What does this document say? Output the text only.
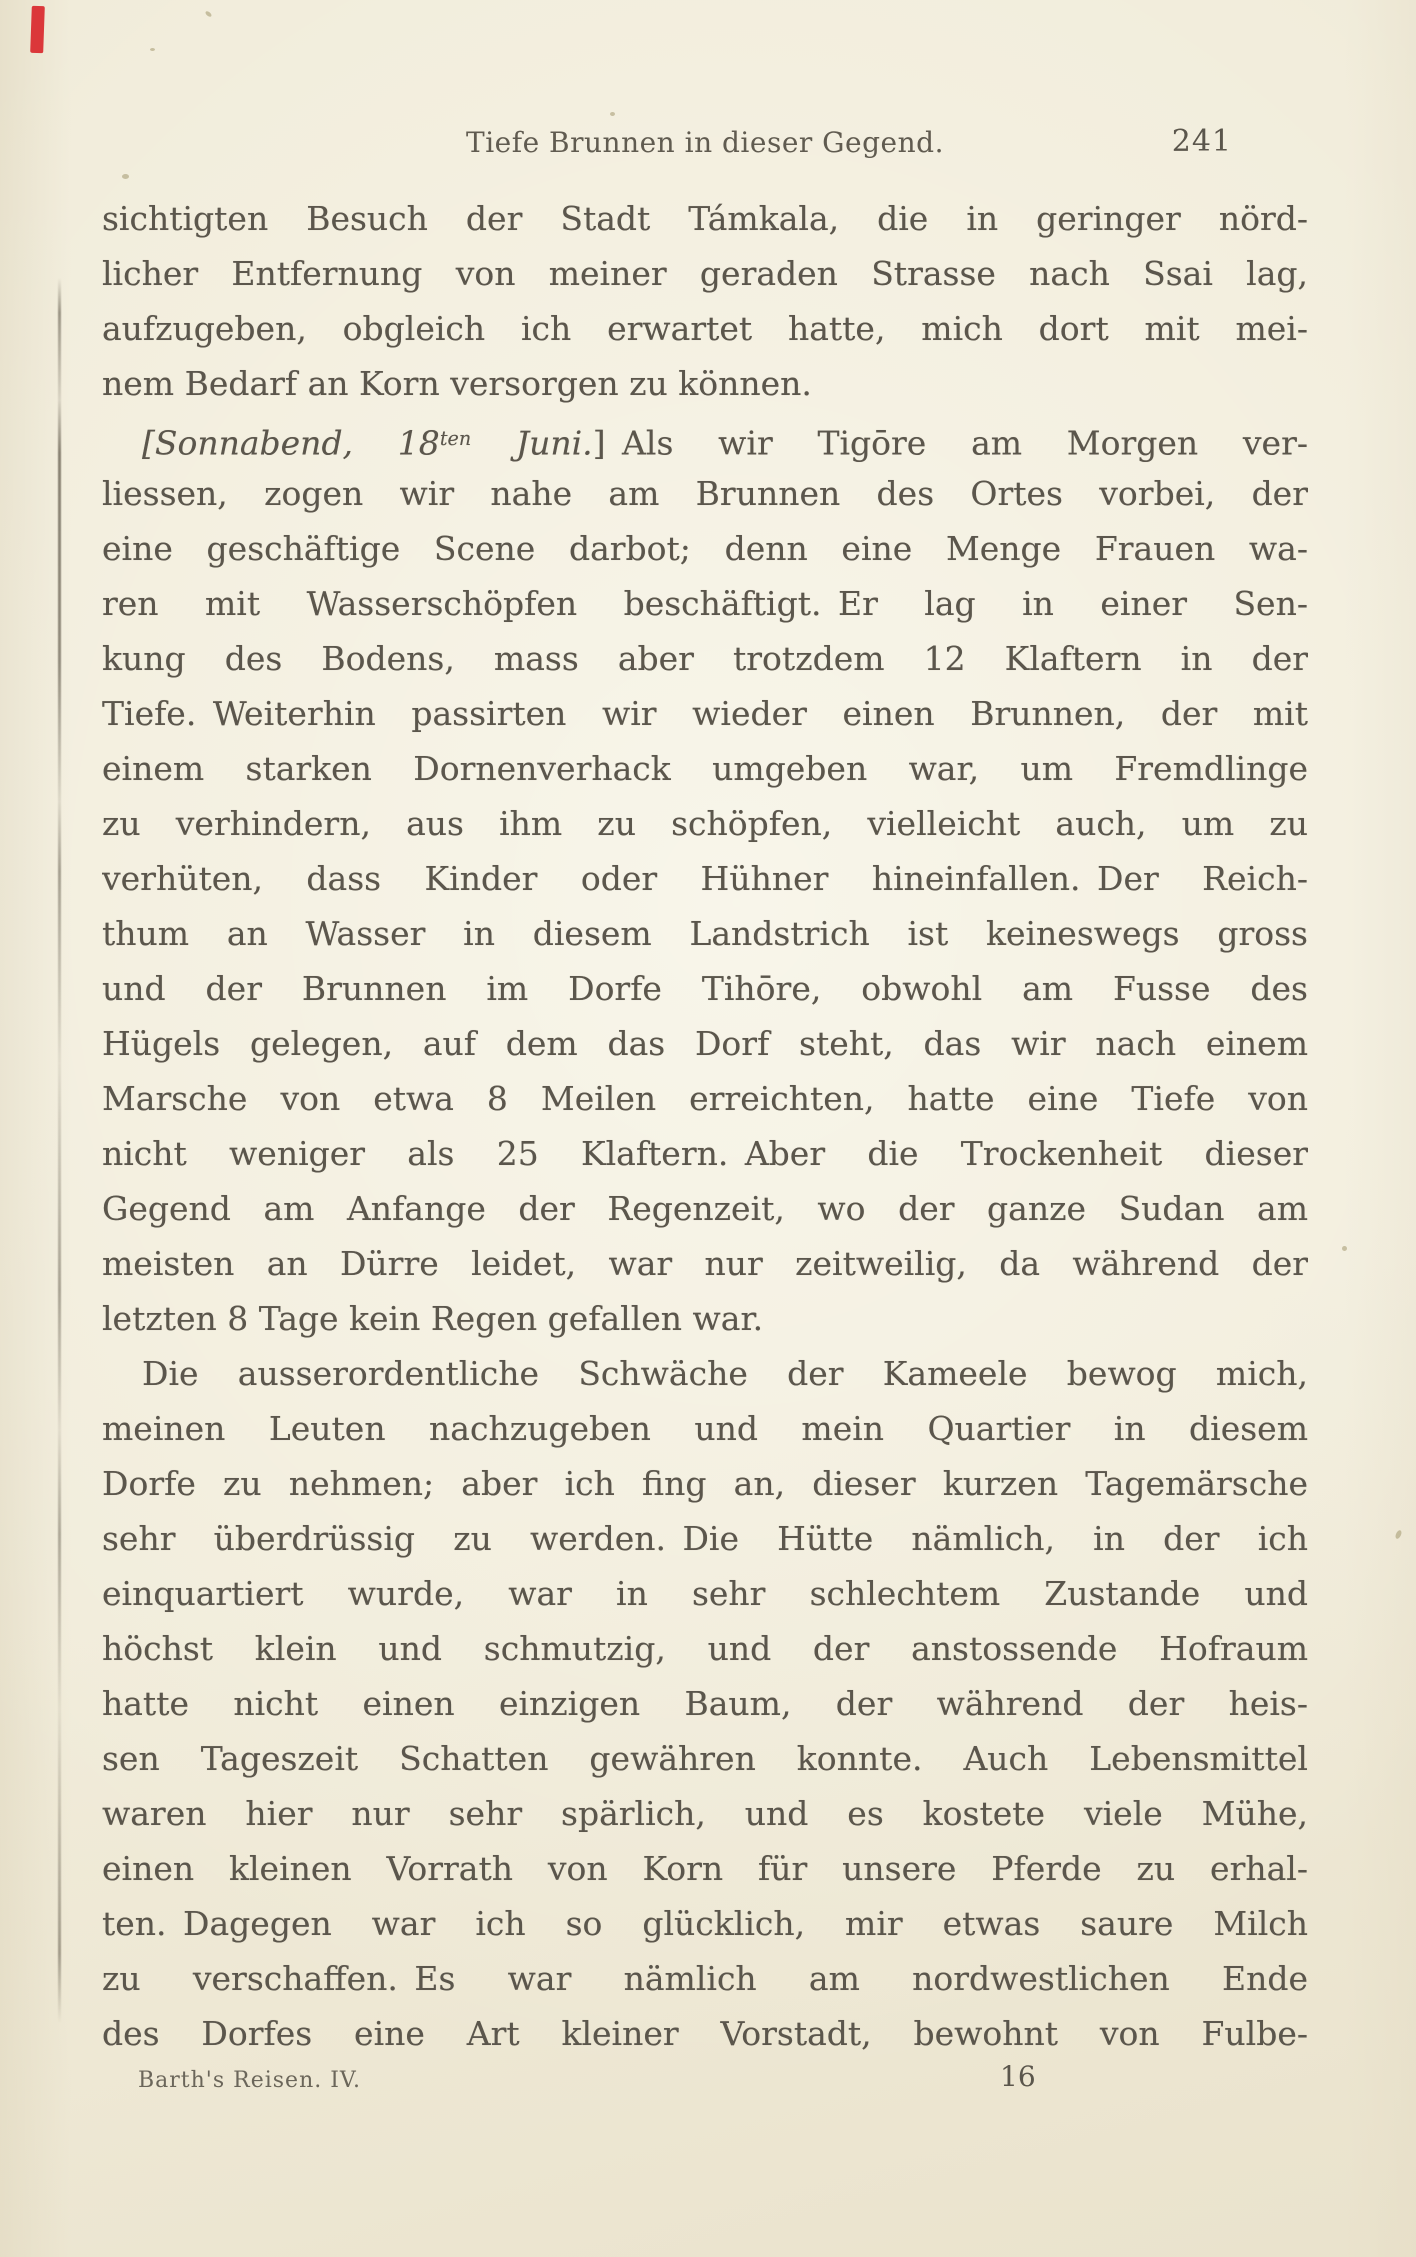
Tiefe Brunnen in dieser Gegend.	241
sichtigten Besuch der Stadt Támkala, die in geringer nörd-
licher Entfernung von meiner geraden Strasse nach Ssai lag,
aufzugeben, obgleich ich erwartet hatte, mich dort mit mei-
nem Bedarf an Korn versorgen zu können.
[Sonnabend, $18^{ten}$ Juni.] Als wir Tigōre am Morgen ver-
liessen, zogen wir nahe am Brunnen des Ortes vorbei, der
eine geschäftige Scene darbot; denn eine Menge Frauen wa-
ren mit Wasserschöpfen beschäftigt. Er lag in einer Sen-
kung des Bodens, mass aber trotzdem 12 Klaftern in der
Tiefe. Weiterhin passirten wir wieder einen Brunnen, der mit
einem starken Dornenverhack umgeben war, um Fremdlinge
zu verhindern, aus ihm zu schöpfen, vielleicht auch, um zu
verhüten, dass Kinder oder Hühner hineinfallen. Der Reich-
thum an Wasser in diesem Landstrich ist keineswegs gross
und der Brunnen im Dorfe Tihōre, obwohl am Fusse des
Hügels gelegen, auf dem das Dorf steht, das wir nach einem
Marsche von etwa 8 Meilen erreichten, hatte eine Tiefe von
nicht weniger als 25 Klaftern. Aber die Trockenheit dieser
Gegend am Anfange der Regenzeit, wo der ganze Sudan am
meisten an Dürre leidet, war nur zeitweilig, da während der
letzten 8 Tage kein Regen gefallen war.
Die ausserordentliche Schwäche der Kameele bewog mich,
meinen Leuten nachzugeben und mein Quartier in diesem
Dorfe zu nehmen; aber ich fing an, dieser kurzen Tagemärsche
sehr überdrüssig zu werden. Die Hütte nämlich, in der ich
einquartiert wurde, war in sehr schlechtem Zustande und
höchst klein und schmutzig, und der anstossende Hofraum
hatte nicht einen einzigen Baum, der während der heis-
sen Tageszeit Schatten gewähren konnte. Auch Lebensmittel
waren hier nur sehr spärlich, und es kostete viele Mühe,
einen kleinen Vorrath von Korn für unsere Pferde zu erhal-
ten. Dagegen war ich so glücklich, mir etwas saure Milch
zu verschaffen. Es war nämlich am nordwestlichen Ende
des Dorfes eine Art kleiner Vorstadt, bewohnt von Fulbe-
Barth's Reisen. IV.	16
